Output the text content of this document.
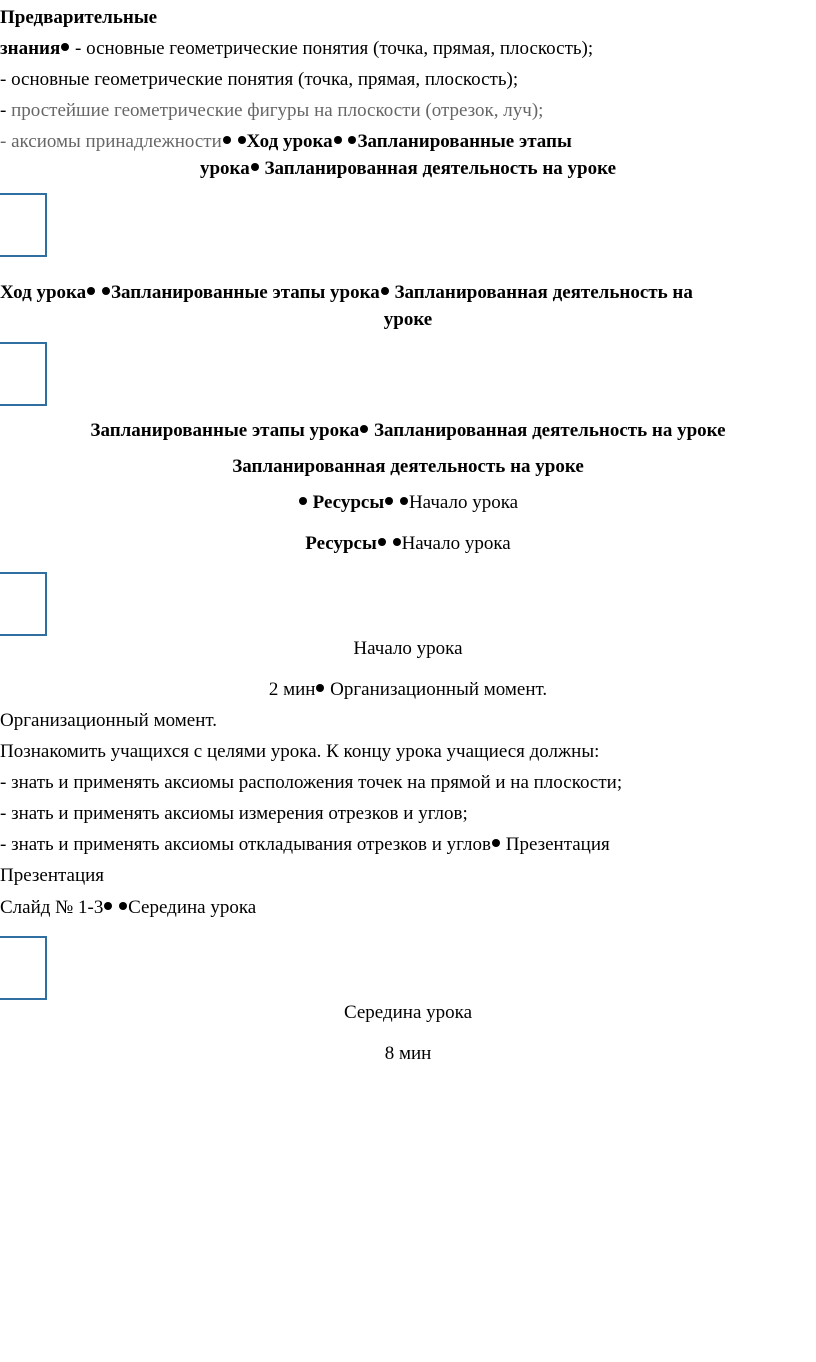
Предварительные
знания - основные геометрические понятия (точка, прямая, плоскость);
- основные геометрические понятия (точка, прямая, плоскость);
- простейшие геометрические фигуры на плоскости (отрезок, луч);
- аксиомы принадлежности Ход урока Запланированные этапы
урока Запланированная деятельность на уроке
Ход урока Запланированные этапы урока Запланированная деятельность на
уроке
Запланированные этапы урока Запланированная деятельность на уроке
Запланированная деятельность на уроке
Ресурсы Начало урока
Ресурсы Начало урока
Начало урока
2 мин Организационный момент.
Организационный момент.
Познакомить учащихся с целями урока. К концу урока учащиеся должны:
- знать и применять аксиомы расположения точек на прямой и на плоскости;
- знать и применять аксиомы измерения отрезков и углов;
- знать и применять аксиомы откладывания отрезков и углов Презентация
Презентация
Слайд № 1-3 Середина урока
Середина урока
8 мин
